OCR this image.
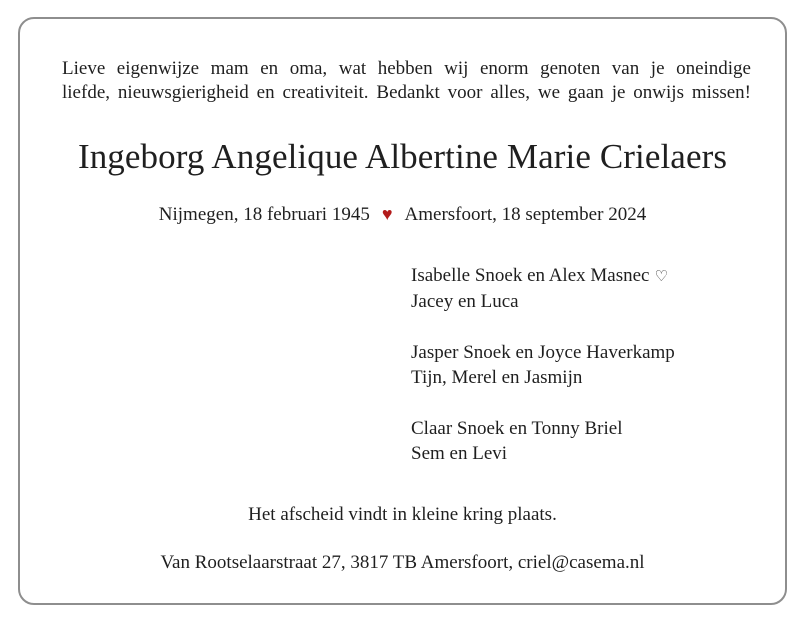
Lieve eigenwijze mam en oma, wat hebben wij enorm genoten van je oneindige
liefde, nieuwsgierigheid en creativiteit. Bedankt voor alles, we gaan je onwijs missen!

Ingeborg Angelique Albertine Marie Crielaers
Nijmegen, 18 februari 1945 ♥ Amersfoort, 18 september 2024
Isabelle Snoek en Alex Masnec ♡
Jacey en Luca
Jasper Snoek en Joyce Haverkamp
Tijn, Merel en Jasmijn
Claar Snoek en Tonny Briel
Sem en Levi
Het afscheid vindt in kleine kring plaats.
Van Rootselaarstraat 27, 3817 TB Amersfoort, criel@casema.nl
